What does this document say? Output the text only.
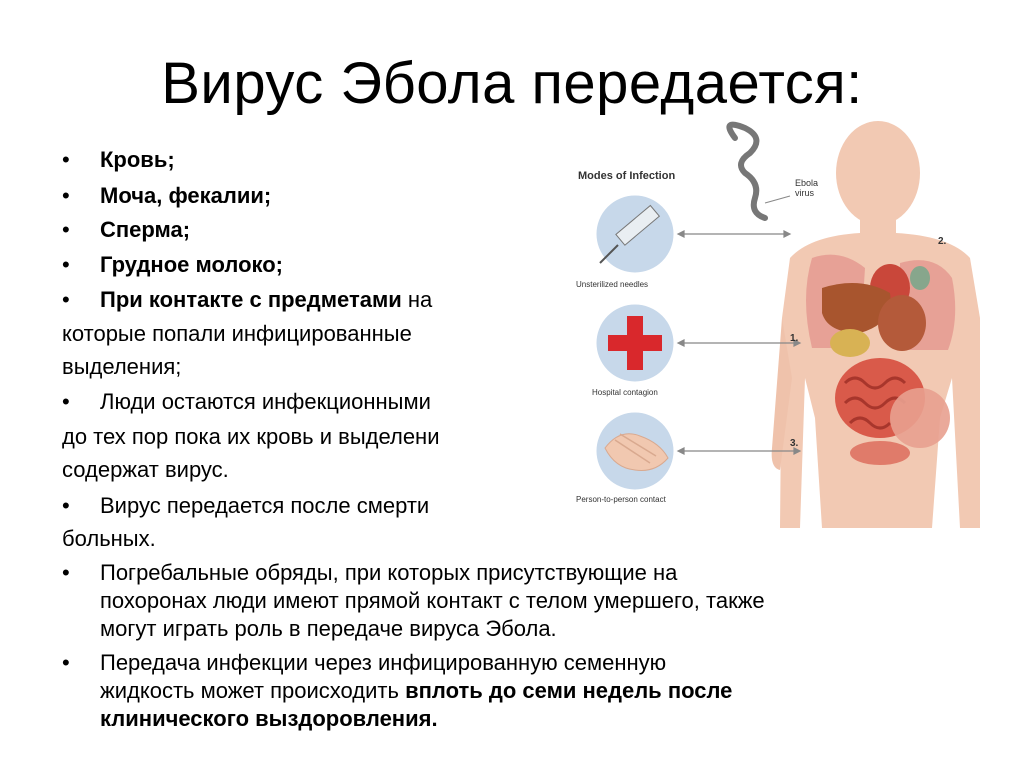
Вирус Эбола передается:
•	Кровь;
•	Моча, фекалии;
•	Сперма;
•	Грудное молоко;
•	При контакте с предметами на
которые попали инфицированные
выделения;
•	Люди остаются инфекционными
до тех пор пока их кровь и выделени
содержат вирус.
•	Вирус передается после смерти
больных.
•	Погребальные обряды, при которых присутствующие на
похоронах люди имеют прямой контакт с телом умершего, также
могут играть роль в передаче вируса Эбола.
•	Передача инфекции через инфицированную семенную
жидкость может происходить вплоть до семи недель после
клинического выздоровления.
Modes of Infection
Ebola virus
Unsterilized needles
Hospital contagion
Person-to-person contact
1.
2.
3.
